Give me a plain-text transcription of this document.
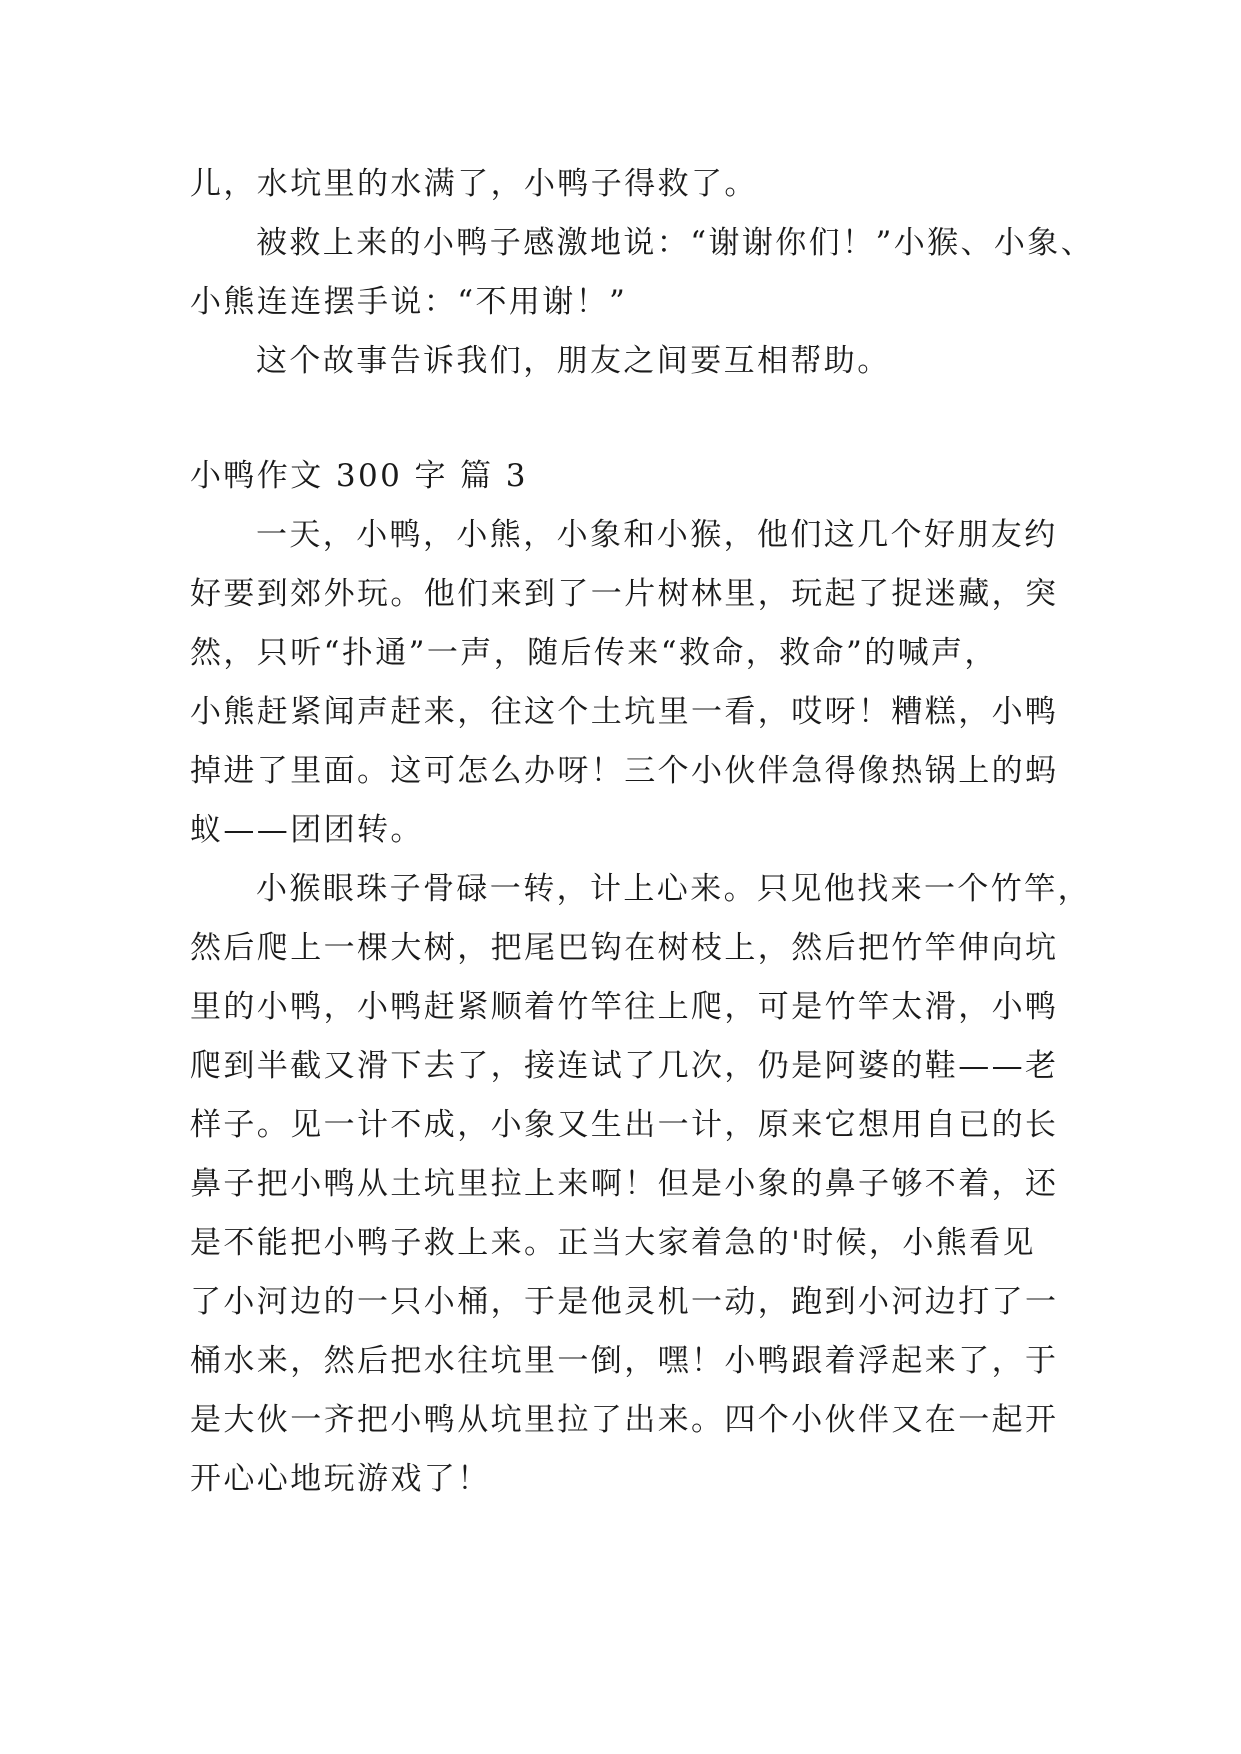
儿，水坑里的水满了，小鸭子得救了。
被救上来的小鸭子感激地说：“谢谢你们！”小猴、小象、
小熊连连摆手说：“不用谢！”
这个故事告诉我们，朋友之间要互相帮助。
小鸭作文 300 字 篇 3
一天，小鸭，小熊，小象和小猴，他们这几个好朋友约
好要到郊外玩。他们来到了一片树林里，玩起了捉迷藏，突
然，只听“扑通”一声，随后传来“救命，救命”的喊声，
小熊赶紧闻声赶来，往这个土坑里一看，哎呀！糟糕，小鸭
掉进了里面。这可怎么办呀！三个小伙伴急得像热锅上的蚂
蚁——团团转。
小猴眼珠子骨碌一转，计上心来。只见他找来一个竹竿，
然后爬上一棵大树，把尾巴钩在树枝上，然后把竹竿伸向坑
里的小鸭，小鸭赶紧顺着竹竿往上爬，可是竹竿太滑，小鸭
爬到半截又滑下去了，接连试了几次，仍是阿婆的鞋——老
样子。见一计不成，小象又生出一计，原来它想用自已的长
鼻子把小鸭从土坑里拉上来啊！但是小象的鼻子够不着，还
是不能把小鸭子救上来。正当大家着急的'时候，小熊看见
了小河边的一只小桶，于是他灵机一动，跑到小河边打了一
桶水来，然后把水往坑里一倒，嘿！小鸭跟着浮起来了，于
是大伙一齐把小鸭从坑里拉了出来。四个小伙伴又在一起开
开心心地玩游戏了！
